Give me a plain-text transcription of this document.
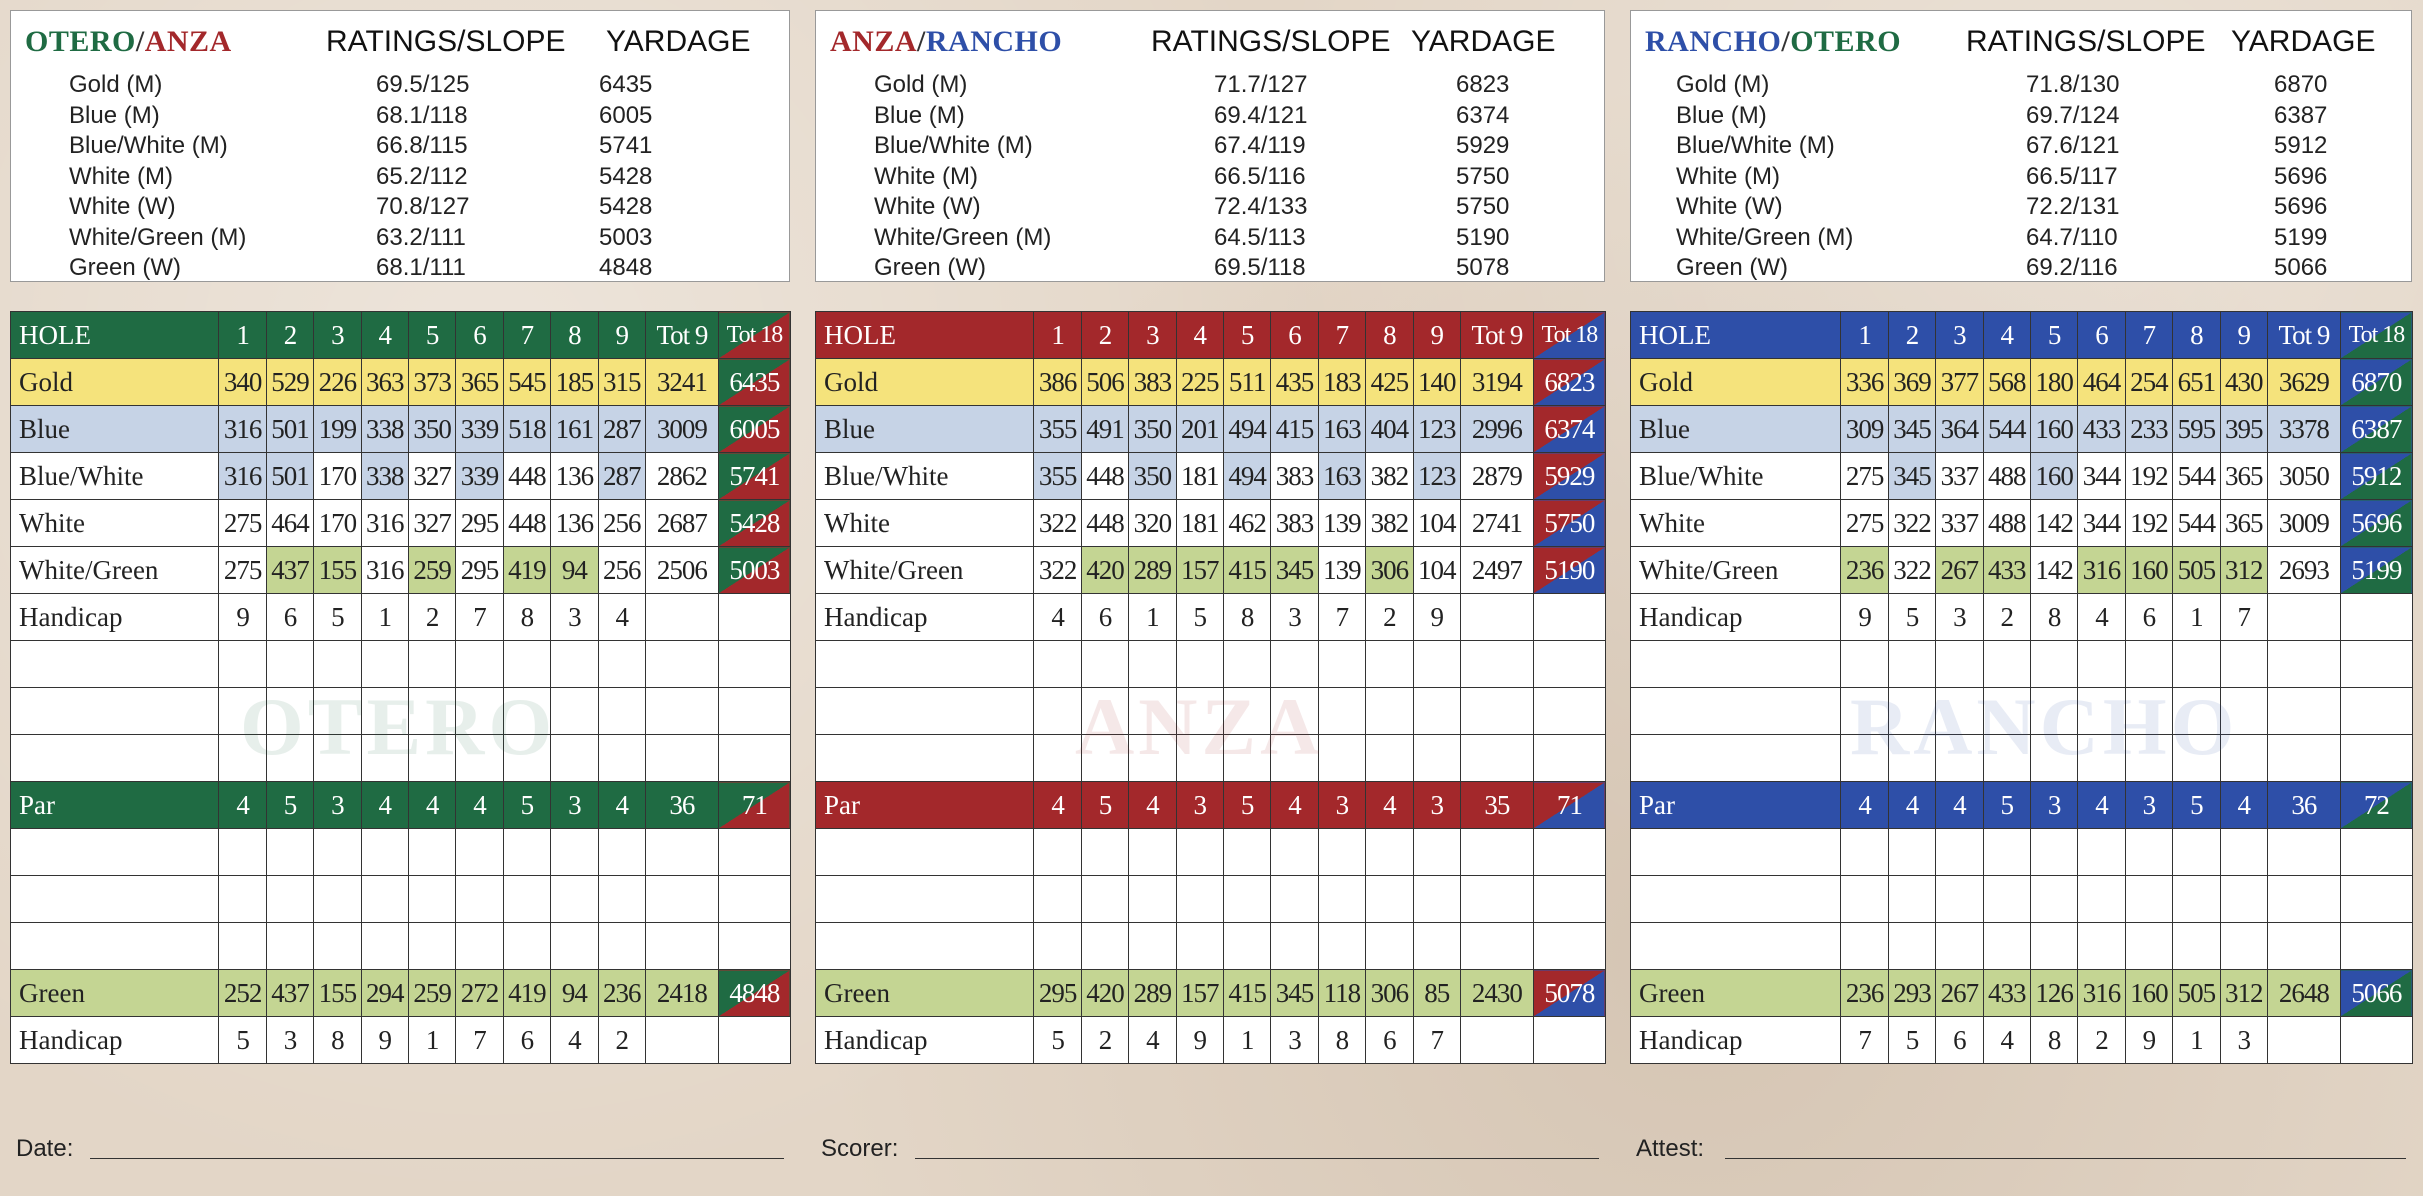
OTERO/ANZA	RATINGS/SLOPE YARDAGE
Gold (M)	69.5/125	6435
Blue (M)	68.1/118	6005
Blue/White (M)	66.8/115	5741
White (M)	65.2/112	5428
White (W)	70.8/127	5428
White/Green (M)	63.2/111	5003
Green (W)	68.1/111	4848
HOLE	1	2	3	4	5	6	7	8	9	Tot 9	Tot 18
Gold	340	529	226	363	373	365	545	185	315	3241	6435
Blue	316	501	199	338	350	339	518	161	287	3009	6005
Blue/White	316	501	170	338	327	339	448	136	287	2862	5741
White	275	464	170	316	327	295	448	136	256	2687	5428
White/Green	275	437	155	316	259	295	419	94	256	2506	5003
Handicap	9	6	5	1	2	7	8	3	4		

Par	4	5	3	4	4	4	5	3	4	36	71

Green	252	437	155	294	259	272	419	94	236	2418	4848
Handicap	5	3	8	9	1	7	6	4	2		
Date:
ANZA/RANCHO	RATINGS/SLOPE YARDAGE
Gold (M)	71.7/127	6823
Blue (M)	69.4/121	6374
Blue/White (M)	67.4/119	5929
White (M)	66.5/116	5750
White (W)	72.4/133	5750
White/Green (M)	64.5/113	5190
Green (W)	69.5/118	5078
HOLE	1	2	3	4	5	6	7	8	9	Tot 9	Tot 18
Gold	386	506	383	225	511	435	183	425	140	3194	6823
Blue	355	491	350	201	494	415	163	404	123	2996	6374
Blue/White	355	448	350	181	494	383	163	382	123	2879	5929
White	322	448	320	181	462	383	139	382	104	2741	5750
White/Green	322	420	289	157	415	345	139	306	104	2497	5190
Handicap	4	6	1	5	8	3	7	2	9		

Par	4	5	4	3	5	4	3	4	3	35	71

Green	295	420	289	157	415	345	118	306	85	2430	5078
Handicap	5	2	4	9	1	3	8	6	7		
Scorer:
RANCHO/OTERO RATINGS/SLOPE YARDAGE
Gold (M)	71.8/130	6870
Blue (M)	69.7/124	6387
Blue/White (M)	67.6/121	5912
White (M)	66.5/117	5696
White (W)	72.2/131	5696
White/Green (M)	64.7/110	5199
Green (W)	69.2/116	5066
HOLE	1	2	3	4	5	6	7	8	9	Tot 9	Tot 18
Gold	336	369	377	568	180	464	254	651	430	3629	6870
Blue	309	345	364	544	160	433	233	595	395	3378	6387
Blue/White	275	345	337	488	160	344	192	544	365	3050	5912
White	275	322	337	488	142	344	192	544	365	3009	5696
White/Green	236	322	267	433	142	316	160	505	312	2693	5199
Handicap	9	5	3	2	8	4	6	1	7		

Par	4	4	4	5	3	4	3	5	4	36	72

Green	236	293	267	433	126	316	160	505	312	2648	5066
Handicap	7	5	6	4	8	2	9	1	3		
Attest:
